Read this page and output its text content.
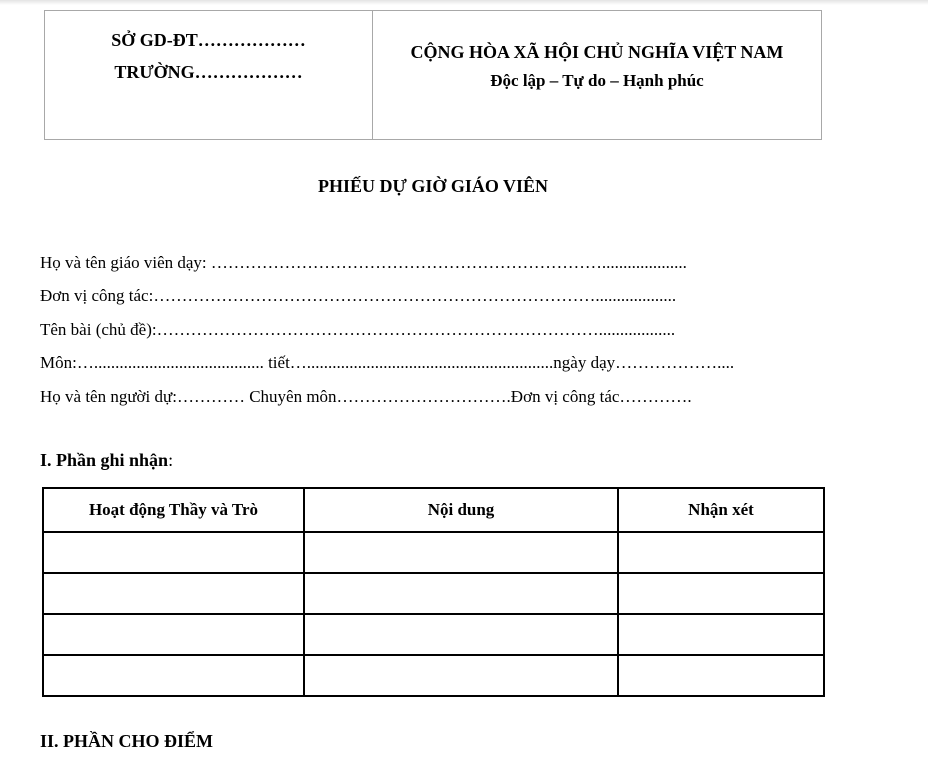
SỞ GD-ĐT………………
TRƯỜNG………………
CỘNG HÒA XÃ HỘI CHỦ NGHĨA VIỆT NAM
Độc lập – Tự do – Hạnh phúc
PHIẾU DỰ GIỜ GIÁO VIÊN
Họ và tên giáo viên dạy: ……………………………………………………………....................
Đơn vị công tác:……………………………………………………………………...................
Tên bài (chủ đề):……………………………………………………………………..................
Môn:…........................................ tiết…..........................................................ngày dạy………………....
Họ và tên người dự:………… Chuyên môn………………………….Đơn vị công tác………….
I. Phần ghi nhận:
Hoạt động Thầy và Trò	Nội dung	Nhận xét

II. PHẦN CHO ĐIỂM
